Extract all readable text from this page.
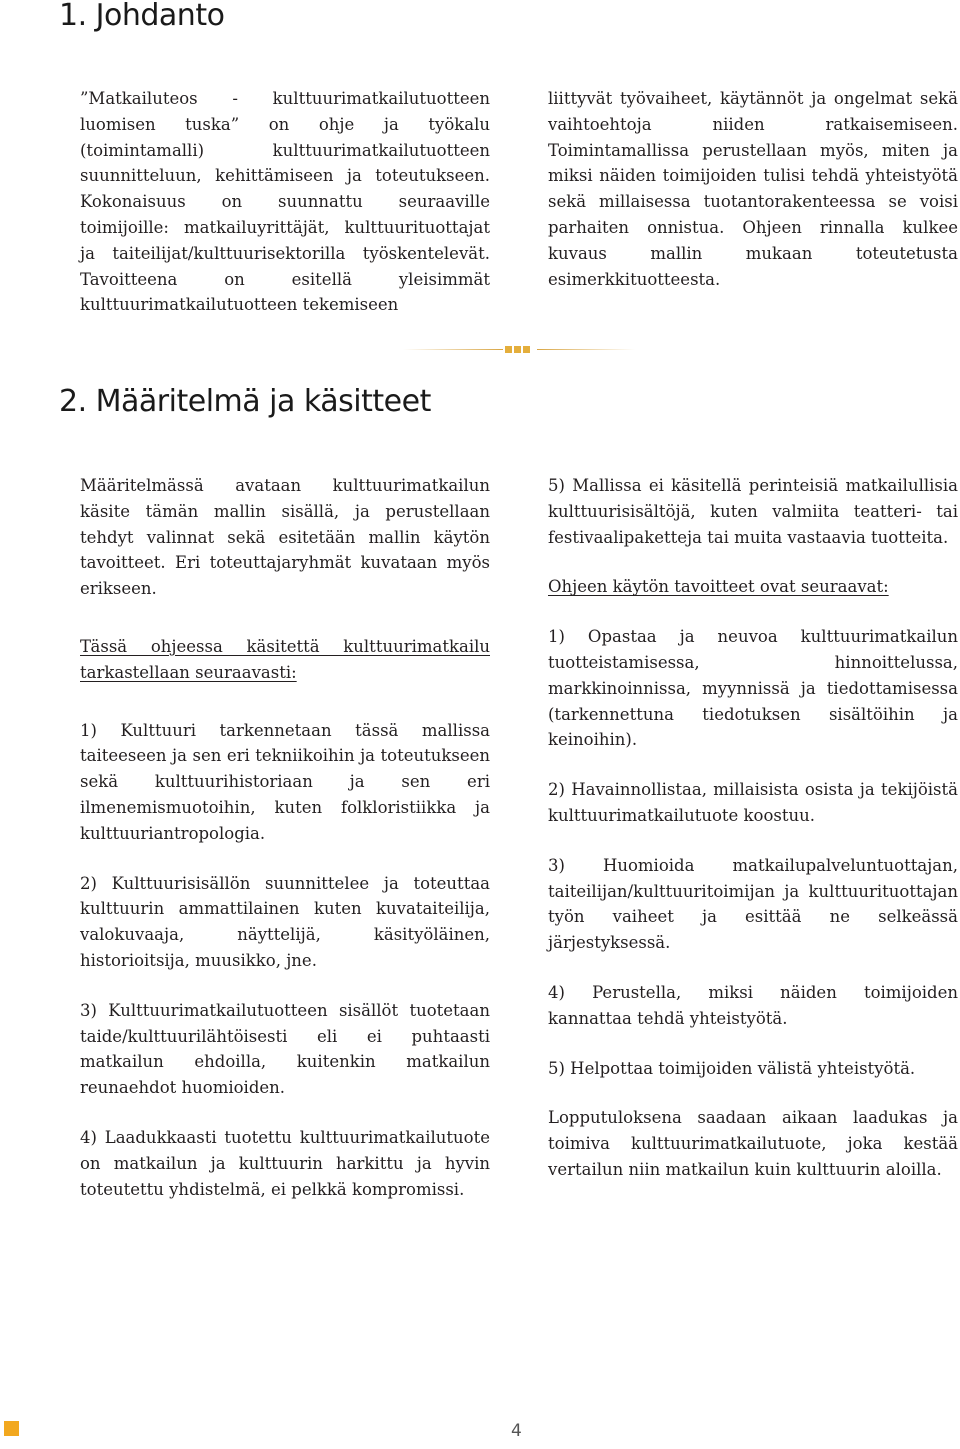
1. Johdanto

”Matkailuteos - kulttuurimatkailutuotteen luomisen tuska” on ohje ja työkalu (toimintamalli) kulttuurimatkailutuotteen suunnitteluun, kehittämiseen ja toteutukseen. Kokonaisuus on suunnattu seuraaville toimijoille: matkailuyrittäjät, kulttuurituottajat ja taiteilijat/kulttuurisektorilla työskentelevät. Tavoitteena on esitellä yleisimmät kulttuurimatkailutuotteen tekemiseen

liittyvät työvaiheet, käytännöt ja ongelmat sekä vaihtoehtoja niiden ratkaisemiseen. Toimintamallissa perustellaan myös, miten ja miksi näiden toimijoiden tulisi tehdä yhteistyötä sekä millaisessa tuotantorakenteessa se voisi parhaiten onnistua. Ohjeen rinnalla kulkee kuvaus mallin mukaan toteutetusta esimerkkituotteesta.

2. Määritelmä ja käsitteet

Määritelmässä avataan kulttuurimatkailun käsite tämän mallin sisällä, ja perustellaan tehdyt valinnat sekä esitetään mallin käytön tavoitteet. Eri toteuttajaryhmät kuvataan myös erikseen.

Tässä ohjeessa käsitettä kulttuurimatkailu tarkastellaan seuraavasti:

1) Kulttuuri tarkennetaan tässä mallissa taiteeseen ja sen eri tekniikoihin ja toteutukseen sekä kulttuurihistoriaan ja sen eri ilmenemismuotoihin, kuten folkloristiikka ja kulttuuriantropologia.

2) Kulttuurisisällön suunnittelee ja toteuttaa kulttuurin ammattilainen kuten kuvataiteilija, valokuvaaja, näyttelijä, käsityöläinen, historioitsija, muusikko, jne.

3) Kulttuurimatkailutuotteen sisällöt tuotetaan taide/kulttuurilähtöisesti eli ei puhtaasti matkailun ehdoilla, kuitenkin matkailun reunaehdot huomioiden.

4) Laadukkaasti tuotettu kulttuurimatkailutuote on matkailun ja kulttuurin harkittu ja hyvin toteutettu yhdistelmä, ei pelkkä kompromissi.

5) Mallissa ei käsitellä perinteisiä matkailullisia kulttuurisisältöjä, kuten valmiita teatteri- tai festivaalipaketteja tai muita vastaavia tuotteita.

Ohjeen käytön tavoitteet ovat seuraavat:

1) Opastaa ja neuvoa kulttuurimatkailun tuotteistamisessa, hinnoittelussa, markkinoinnissa, myynnissä ja tiedottamisessa (tarkennettuna tiedotuksen sisältöihin ja keinoihin).

2) Havainnollistaa, millaisista osista ja tekijöistä kulttuurimatkailutuote koostuu.

3) Huomioida matkailupalveluntuottajan, taiteilijan/kulttuuritoimijan ja kulttuurituottajan työn vaiheet ja esittää ne selkeässä järjestyksessä.

4) Perustella, miksi näiden toimijoiden kannattaa tehdä yhteistyötä.

5) Helpottaa toimijoiden välistä yhteistyötä.

Lopputuloksena saadaan aikaan laadukas ja toimiva kulttuurimatkailutuote, joka kestää vertailun niin matkailun kuin kulttuurin aloilla.

4
